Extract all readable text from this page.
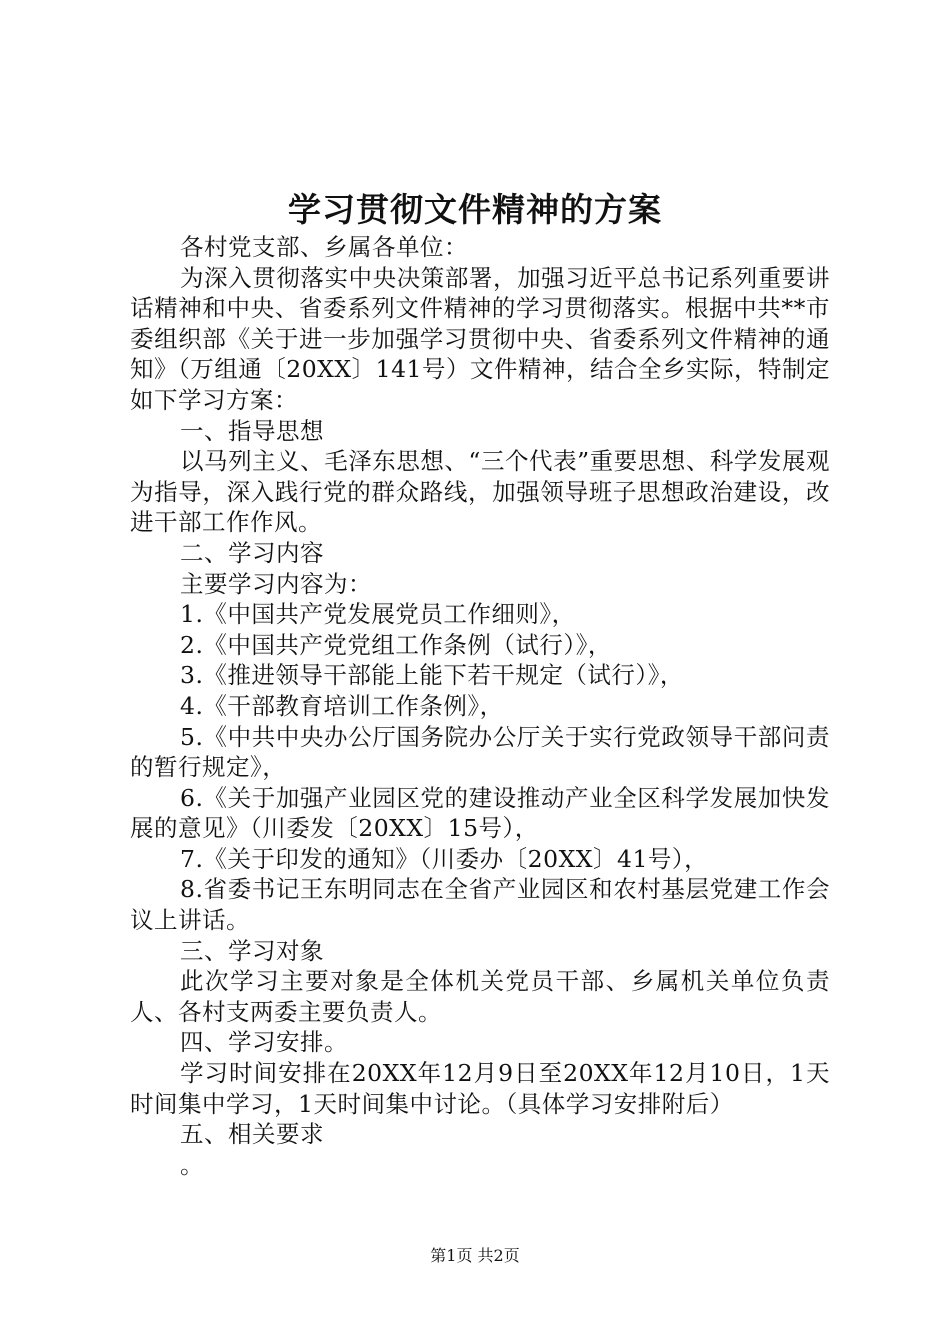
学习贯彻文件精神的方案

各村党支部、乡属各单位：

为深入贯彻落实中央决策部署，加强习近平总书记系列重要讲话精神和中央、省委系列文件精神的学习贯彻落实。根据中共**市委组织部《关于进一步加强学习贯彻中央、省委系列文件精神的通知》（万组通〔20XX〕141号）文件精神，结合全乡实际，特制定如下学习方案：

一、指导思想

以马列主义、毛泽东思想、“三个代表”重要思想、科学发展观为指导，深入践行党的群众路线，加强领导班子思想政治建设，改进干部工作作风。

二、学习内容

主要学习内容为：

1.《中国共产党发展党员工作细则》，

2.《中国共产党党组工作条例（试行）》，

3.《推进领导干部能上能下若干规定（试行）》，

4.《干部教育培训工作条例》，

5.《中共中央办公厅国务院办公厅关于实行党政领导干部问责的暂行规定》，

6.《关于加强产业园区党的建设推动产业全区科学发展加快发展的意见》（川委发〔20XX〕15号），

7.《关于印发的通知》（川委办〔20XX〕41号），

8.省委书记王东明同志在全省产业园区和农村基层党建工作会议上讲话。

三、学习对象

此次学习主要对象是全体机关党员干部、乡属机关单位负责人、各村支两委主要负责人。

四、学习安排。

学习时间安排在20XX年12月9日至20XX年12月10日，1天时间集中学习，1天时间集中讨论。（具体学习安排附后）

五、相关要求

。

第1页 共2页
